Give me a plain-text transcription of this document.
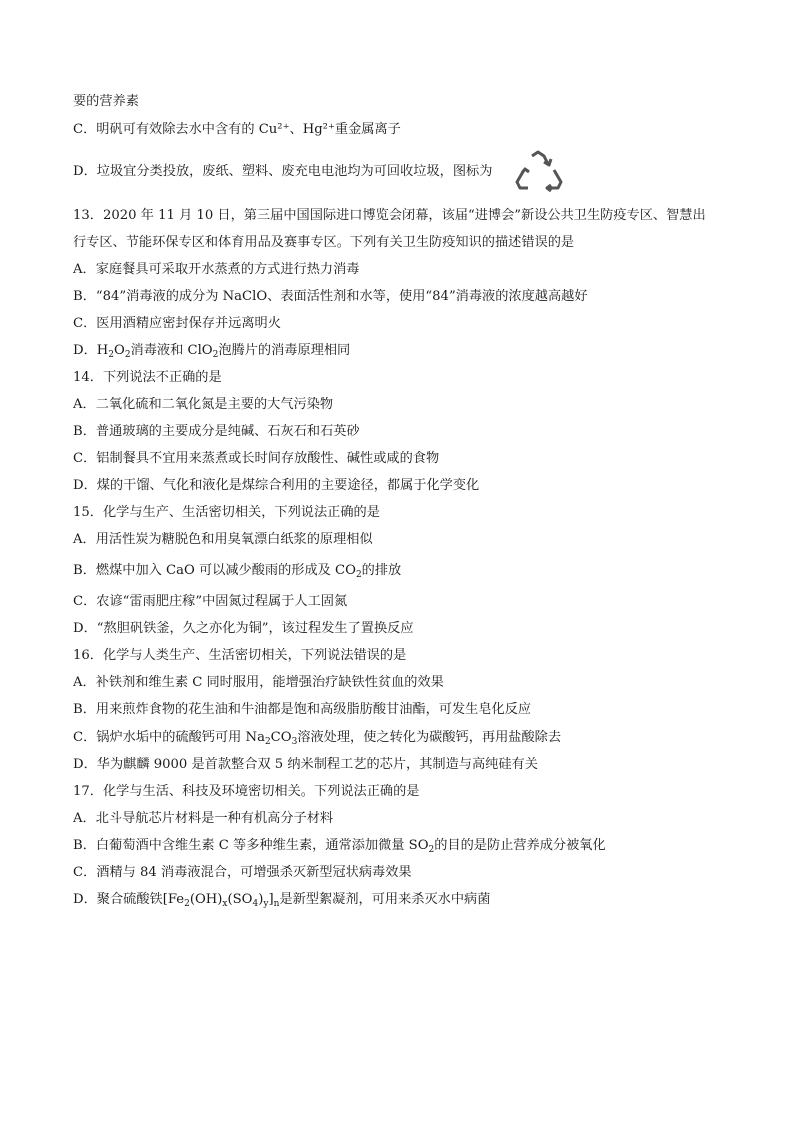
要的营养素
C．明矾可有效除去水中含有的 Cu²⁺、Hg²⁺重金属离子
D．垃圾宜分类投放，废纸、塑料、废充电电池均为可回收垃圾，图标为
13．2020 年 11 月 10 日，第三届中国国际进口博览会闭幕，该届“进博会”新设公共卫生防疫专区、智慧出
行专区、节能环保专区和体育用品及赛事专区。下列有关卫生防疫知识的描述错误的是
A．家庭餐具可采取开水蒸煮的方式进行热力消毒
B．“84”消毒液的成分为 NaClO、表面活性剂和水等，使用“84”消毒液的浓度越高越好
C．医用酒精应密封保存并远离明火
D．$H_2O_2$消毒液和 ClO$_2$泡腾片的消毒原理相同
14．下列说法不正确的是
A．二氧化硫和二氧化氮是主要的大气污染物
B．普通玻璃的主要成分是纯碱、石灰石和石英砂
C．铝制餐具不宜用来蒸煮或长时间存放酸性、碱性或咸的食物
D．煤的干馏、气化和液化是煤综合利用的主要途径，都属于化学变化
15．化学与生产、生活密切相关，下列说法正确的是
A．用活性炭为糖脱色和用臭氧漂白纸浆的原理相似
B．燃煤中加入 CaO 可以减少酸雨的形成及 $CO_2$的排放
C．农谚“雷雨肥庄稼”中固氮过程属于人工固氮
D．“熬胆矾铁釜，久之亦化为铜”，该过程发生了置换反应
16．化学与人类生产、生活密切相关，下列说法错误的是
A．补铁剂和维生素 C 同时服用，能增强治疗缺铁性贫血的效果
B．用来煎炸食物的花生油和牛油都是饱和高级脂肪酸甘油酯，可发生皂化反应
C．锅炉水垢中的硫酸钙可用 $Na_2CO_3$溶液处理，使之转化为碳酸钙，再用盐酸除去
D．华为麒麟 9000 是首款整合双 5 纳米制程工艺的芯片，其制造与高纯硅有关
17．化学与生活、科技及环境密切相关。下列说法正确的是
A．北斗导航芯片材料是一种有机高分子材料
B．白葡萄酒中含维生素 C 等多种维生素，通常添加微量 $SO_2$的目的是防止营养成分被氧化
C．酒精与 84 消毒液混合，可增强杀灭新型冠状病毒效果
D．聚合硫酸铁$[Fe_2(OH)_x(SO_4)_y]_n$是新型絮凝剂，可用来杀灭水中病菌
